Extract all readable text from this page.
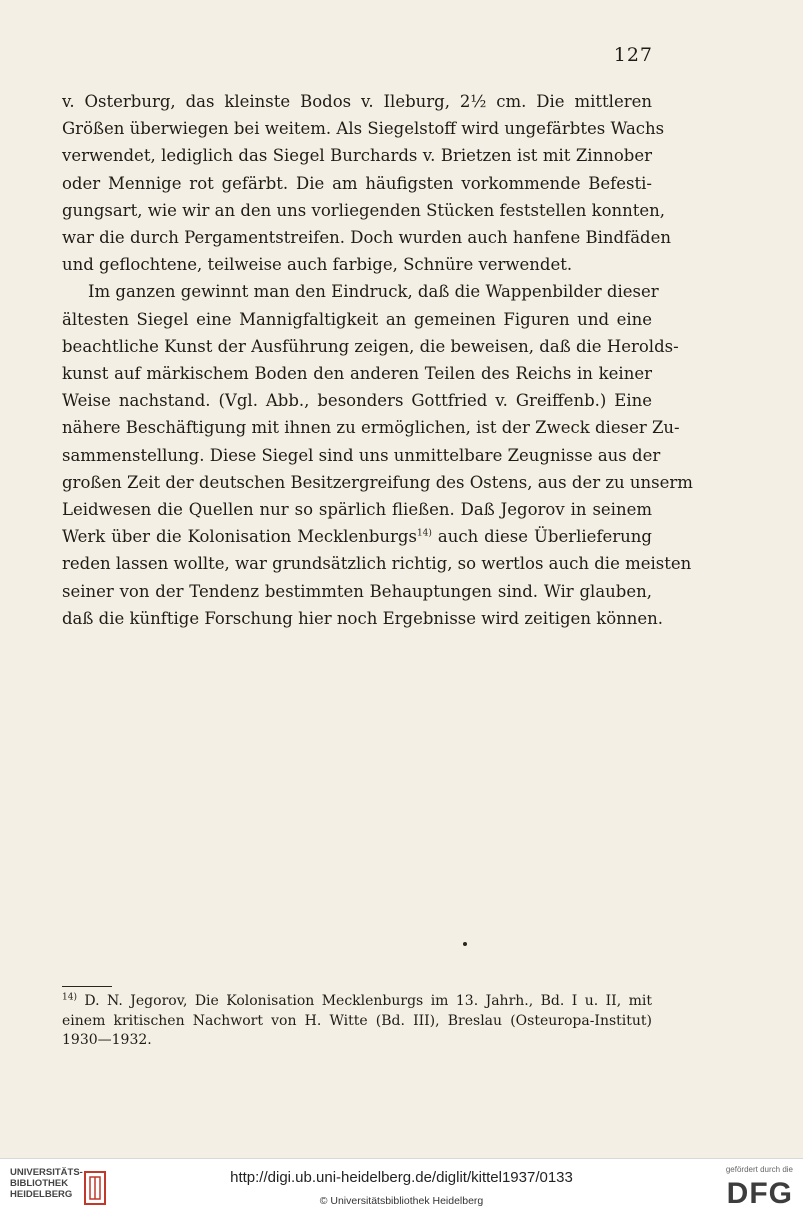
127

v. Osterburg, das kleinste Bodos v. Ileburg, 2½ cm. Die mittleren
Größen überwiegen bei weitem. Als Siegelstoff wird ungefärbtes Wachs
verwendet, lediglich das Siegel Burchards v. Brietzen ist mit Zinnober
oder Mennige rot gefärbt. Die am häufigsten vorkommende Befesti-
gungsart, wie wir an den uns vorliegenden Stücken feststellen konnten,
war die durch Pergamentstreifen. Doch wurden auch hanfene Bindfäden
und geflochtene, teilweise auch farbige, Schnüre verwendet.

Im ganzen gewinnt man den Eindruck, daß die Wappenbilder dieser
ältesten Siegel eine Mannigfaltigkeit an gemeinen Figuren und eine
beachtliche Kunst der Ausführung zeigen, die beweisen, daß die Herolds-
kunst auf märkischem Boden den anderen Teilen des Reichs in keiner
Weise nachstand. (Vgl. Abb., besonders Gottfried v. Greiffenb.) Eine
nähere Beschäftigung mit ihnen zu ermöglichen, ist der Zweck dieser Zu-
sammenstellung. Diese Siegel sind uns unmittelbare Zeugnisse aus der
großen Zeit der deutschen Besitzergreifung des Ostens, aus der zu unserm
Leidwesen die Quellen nur so spärlich fließen. Daß Jegorov in seinem
Werk über die Kolonisation Mecklenburgs$^{14)}$ auch diese Überlieferung
reden lassen wollte, war grundsätzlich richtig, so wertlos auch die meisten
seiner von der Tendenz bestimmten Behauptungen sind. Wir glauben,
daß die künftige Forschung hier noch Ergebnisse wird zeitigen können.

$^{14)}$ D. N. Jegorov, Die Kolonisation Mecklenburgs im 13. Jahrh., Bd. I u. II, mit
einem kritischen Nachwort von H. Witte (Bd. III), Breslau (Osteuropa-Institut)
1930—1932.
UNIVERSITÄTS-
BIBLIOTHEK
HEIDELBERG
http://digi.ub.uni-heidelberg.de/diglit/kittel1937/0133
© Universitätsbibliothek Heidelberg
gefördert durch die
DFG
